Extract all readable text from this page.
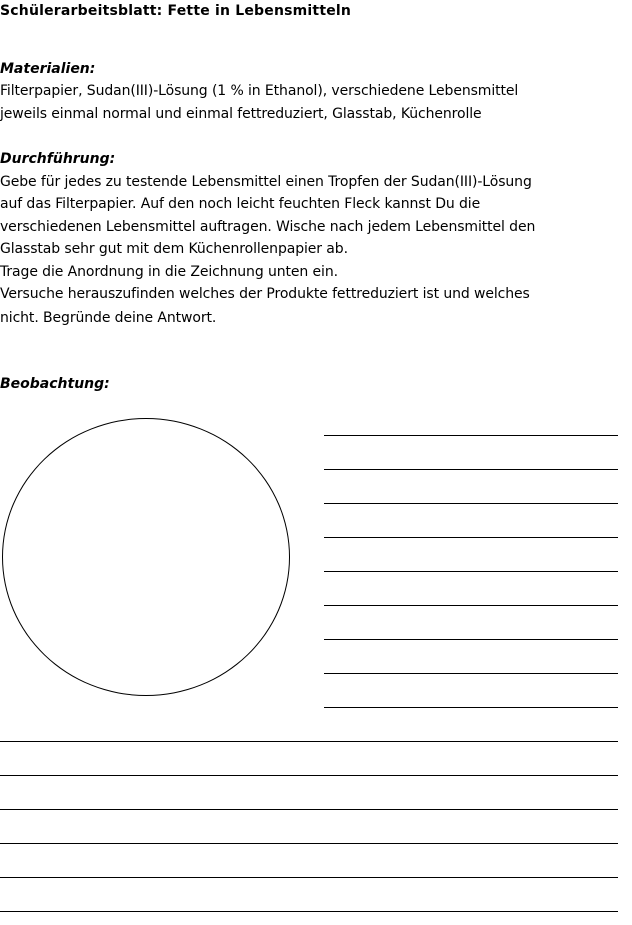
Schülerarbeitsblatt: Fette in Lebensmitteln
Materialien:
Filterpapier, Sudan(III)-Lösung (1 % in Ethanol), verschiedene Lebensmittel
jeweils einmal normal und einmal fettreduziert, Glasstab, Küchenrolle
Durchführung:
Gebe für jedes zu testende Lebensmittel einen Tropfen der Sudan(III)-Lösung
auf das Filterpapier. Auf den noch leicht feuchten Fleck kannst Du die
verschiedenen Lebensmittel auftragen. Wische nach jedem Lebensmittel den
Glasstab sehr gut mit dem Küchenrollenpapier ab.
Trage die Anordnung in die Zeichnung unten ein.
Versuche herauszufinden welches der Produkte fettreduziert ist und welches
nicht. Begründe deine Antwort.
Beobachtung:
